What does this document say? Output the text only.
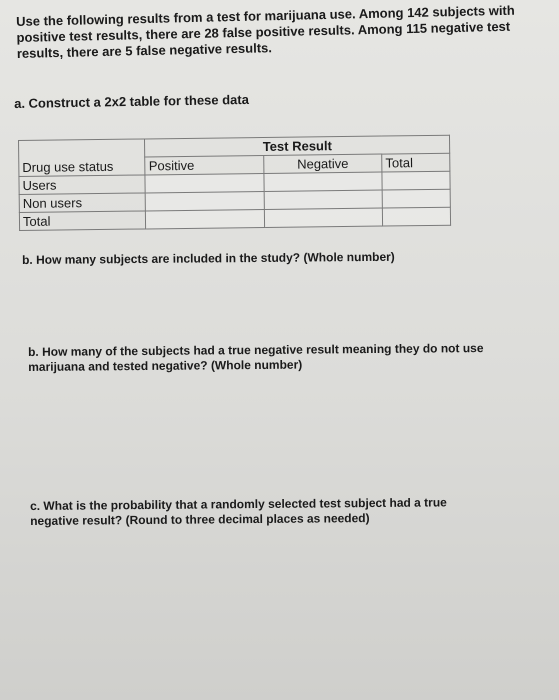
Use the following results from a test for marijuana use. Among 142 subjects with positive test results, there are 28 false positive results. Among 115 negative test results, there are 5 false negative results.
a. Construct a 2x2 table for these data
Drug use status	Test Result		
	Positive	Negative	Total
Users			
Non users			
Total			
b. How many subjects are included in the study? (Whole number)
b. How many of the subjects had a true negative result meaning they do not use marijuana and tested negative? (Whole number)
c. What is the probability that a randomly selected test subject had a true negative result? (Round to three decimal places as needed)
